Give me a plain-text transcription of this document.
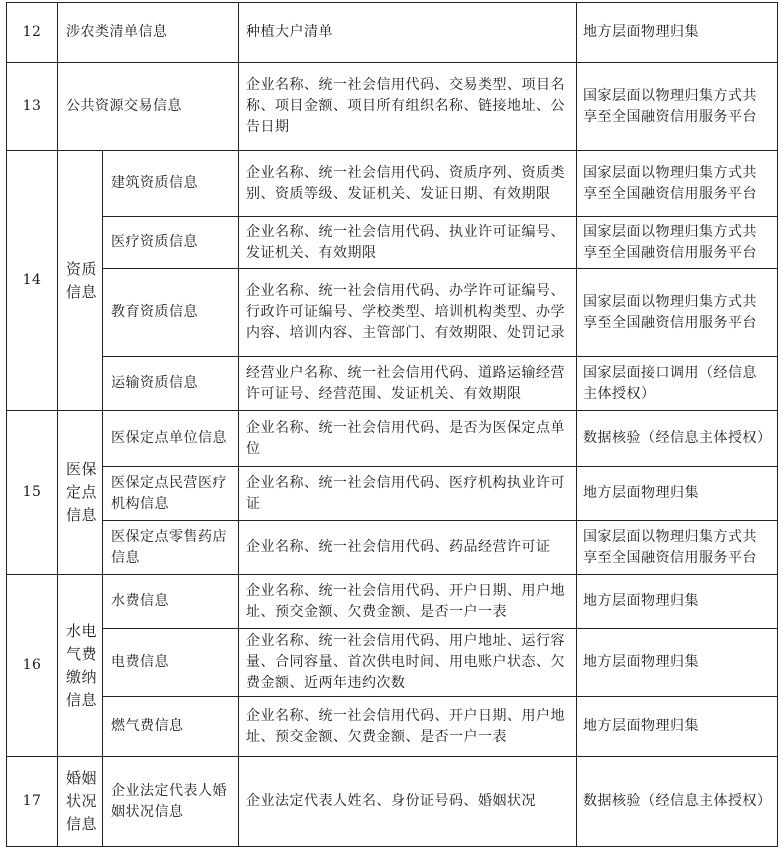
12	涉农类清单信息		种植大户清单	地方层面物理归集
13	公共资源交易信息		企业名称、统一社会信用代码、交易类型、项目名称、项目金额、项目所有组织名称、链接地址、公告日期	国家层面以物理归集方式共享至全国融资信用服务平台
14	资质信息	建筑资质信息	企业名称、统一社会信用代码、资质序列、资质类别、资质等级、发证机关、发证日期、有效期限	国家层面以物理归集方式共享至全国融资信用服务平台
		医疗资质信息	企业名称、统一社会信用代码、执业许可证编号、发证机关、有效期限	国家层面以物理归集方式共享至全国融资信用服务平台
		教育资质信息	企业名称、统一社会信用代码、办学许可证编号、行政许可证编号、学校类型、培训机构类型、办学内容、培训内容、主管部门、有效期限、处罚记录	国家层面以物理归集方式共享至全国融资信用服务平台
		运输资质信息	经营业户名称、统一社会信用代码、道路运输经营许可证号、经营范围、发证机关、有效期限	国家层面接口调用（经信息主体授权）
15	医保定点信息	医保定点单位信息	企业名称、统一社会信用代码、是否为医保定点单位	数据核验（经信息主体授权）
		医保定点民营医疗机构信息	企业名称、统一社会信用代码、医疗机构执业许可证	地方层面物理归集
		医保定点零售药店信息	企业名称、统一社会信用代码、药品经营许可证	国家层面以物理归集方式共享至全国融资信用服务平台
16	水电气费缴纳信息	水费信息	企业名称、统一社会信用代码、开户日期、用户地址、预交金额、欠费金额、是否一户一表	地方层面物理归集
		电费信息	企业名称、统一社会信用代码、用户地址、运行容量、合同容量、首次供电时间、用电账户状态、欠费金额、近两年违约次数	地方层面物理归集
		燃气费信息	企业名称、统一社会信用代码、开户日期、用户地址、预交金额、欠费金额、是否一户一表	地方层面物理归集
17	婚姻状况信息	企业法定代表人婚姻状况信息	企业法定代表人姓名、身份证号码、婚姻状况	数据核验（经信息主体授权）
